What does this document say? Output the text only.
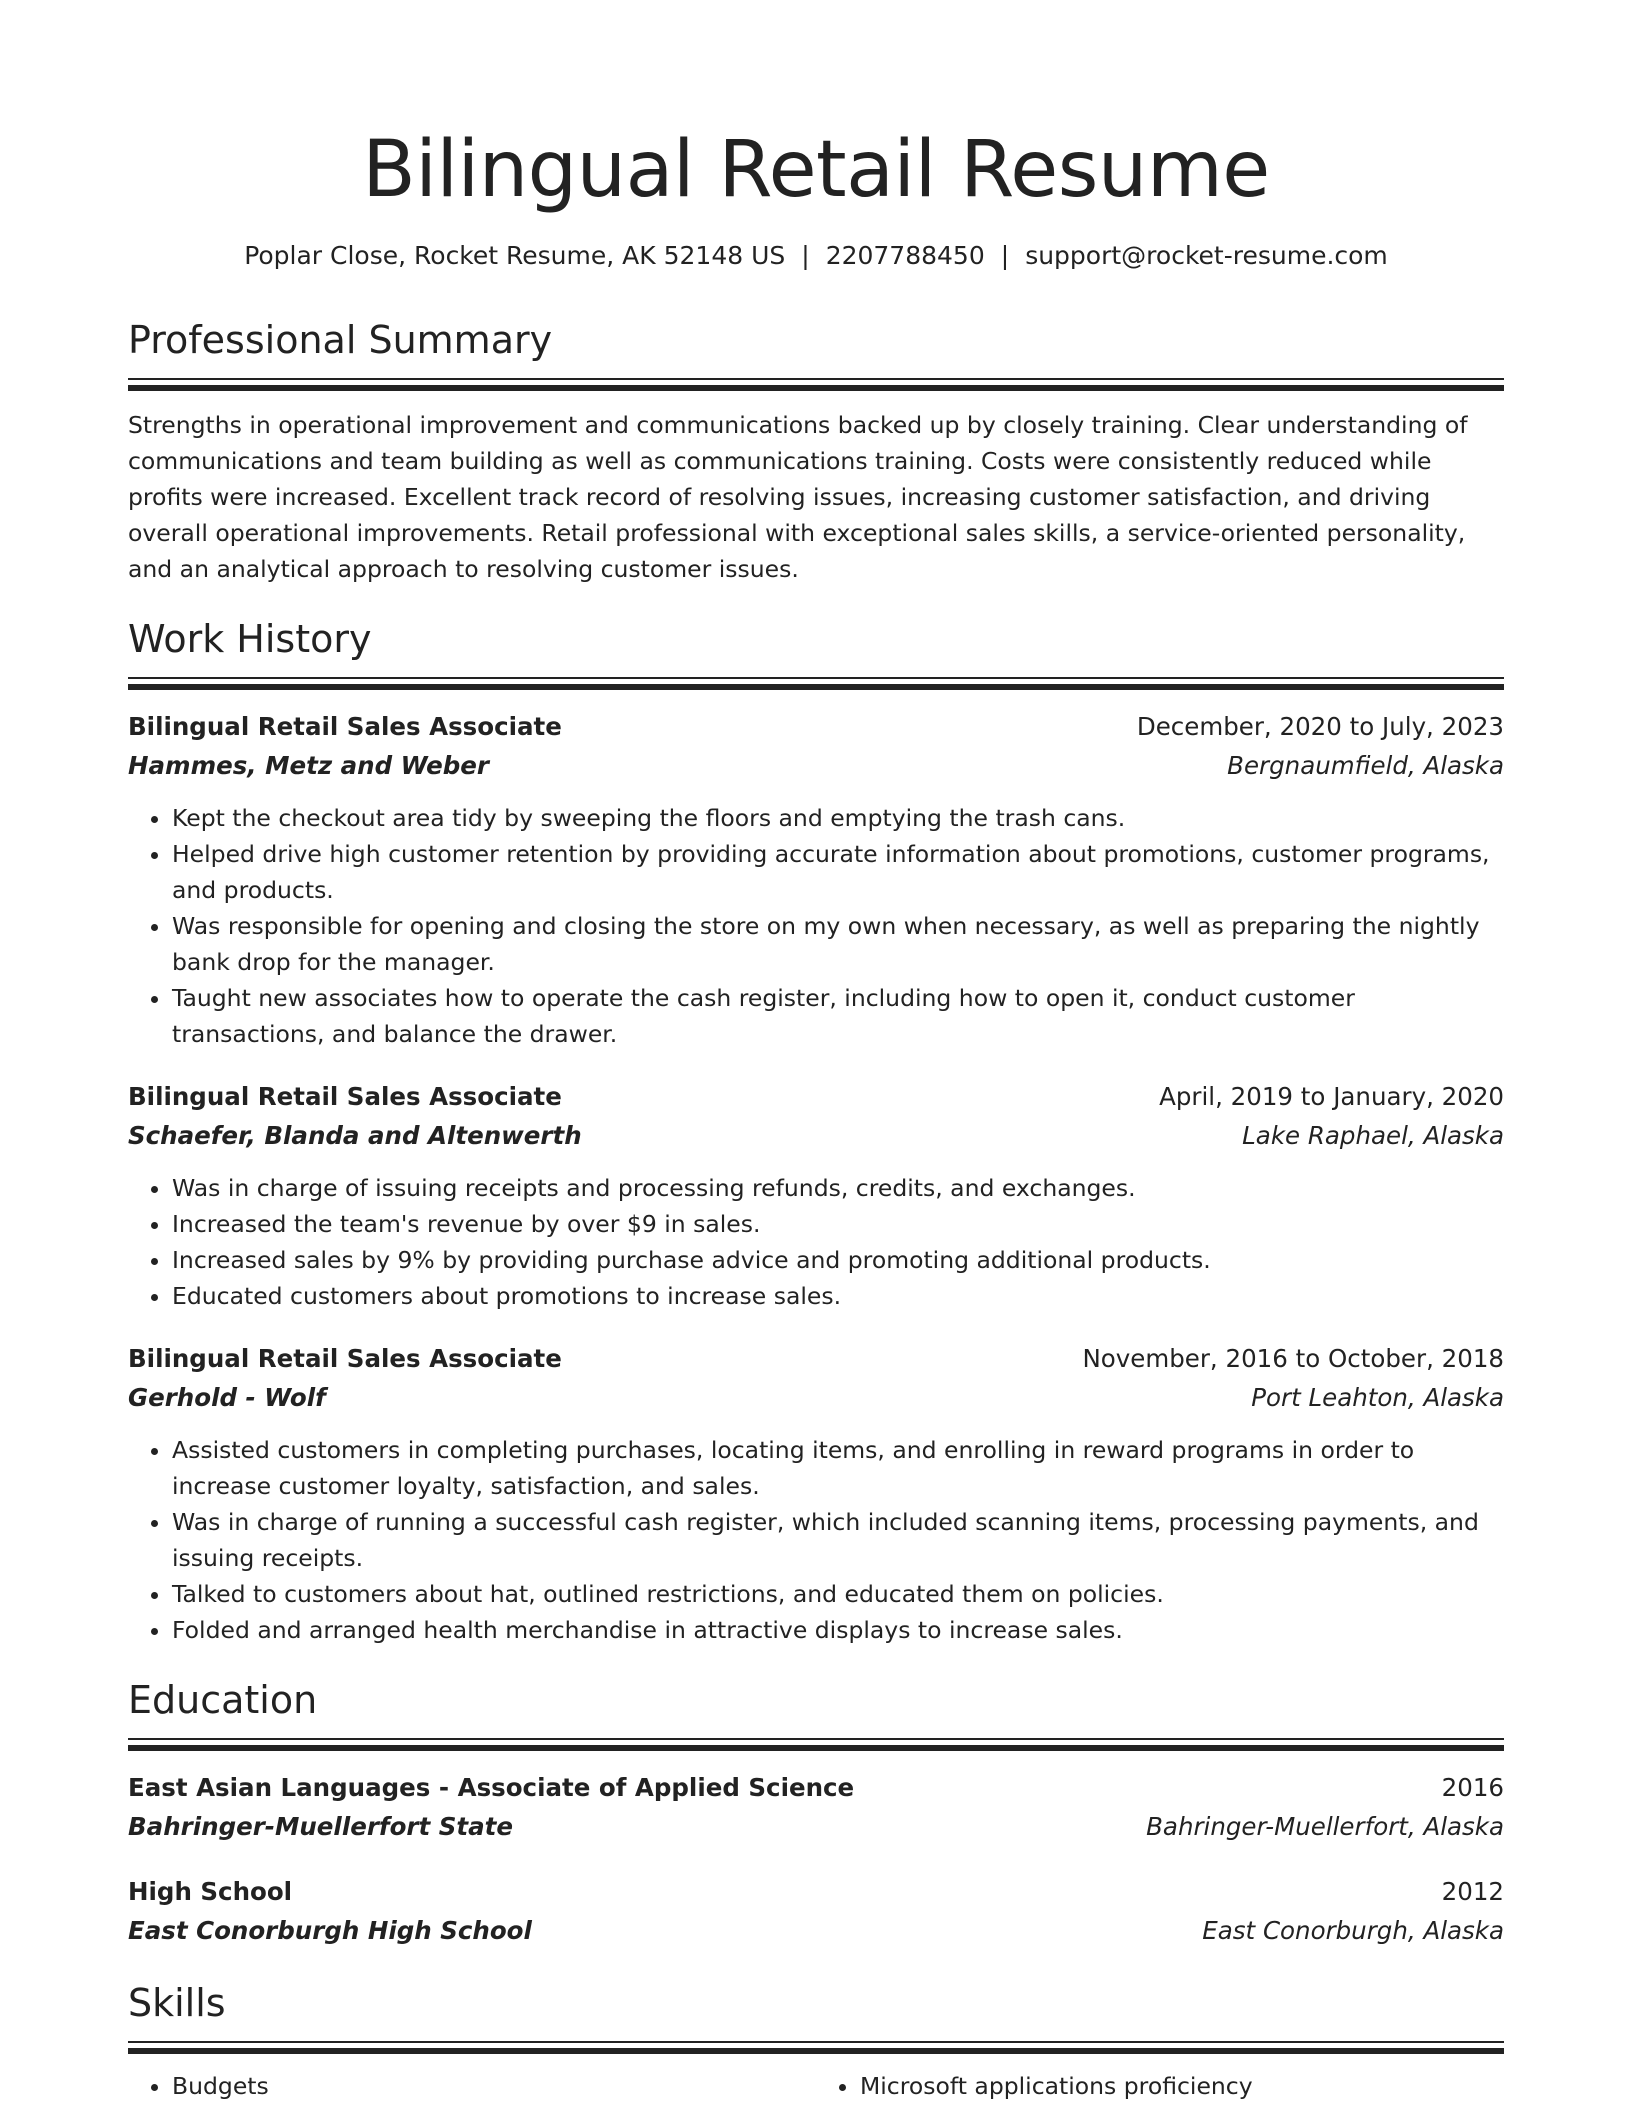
Bilingual Retail Resume
Poplar Close, Rocket Resume, AK 52148 US | 2207788450 | support@rocket-resume.com
Professional Summary
Strengths in operational improvement and communications backed up by closely training. Clear understanding of communications and team building as well as communications training. Costs were consistently reduced while profits were increased. Excellent track record of resolving issues, increasing customer satisfaction, and driving overall operational improvements. Retail professional with exceptional sales skills, a service-oriented personality, and an analytical approach to resolving customer issues.
Work History
Bilingual Retail Sales Associate	December, 2020 to July, 2023
Hammes, Metz and Weber	Bergnaumfield, Alaska
• Kept the checkout area tidy by sweeping the floors and emptying the trash cans.
• Helped drive high customer retention by providing accurate information about promotions, customer programs, and products.
• Was responsible for opening and closing the store on my own when necessary, as well as preparing the nightly bank drop for the manager.
• Taught new associates how to operate the cash register, including how to open it, conduct customer transactions, and balance the drawer.
Bilingual Retail Sales Associate	April, 2019 to January, 2020
Schaefer, Blanda and Altenwerth	Lake Raphael, Alaska
• Was in charge of issuing receipts and processing refunds, credits, and exchanges.
• Increased the team's revenue by over $9 in sales.
• Increased sales by 9% by providing purchase advice and promoting additional products.
• Educated customers about promotions to increase sales.
Bilingual Retail Sales Associate	November, 2016 to October, 2018
Gerhold - Wolf	Port Leahton, Alaska
• Assisted customers in completing purchases, locating items, and enrolling in reward programs in order to increase customer loyalty, satisfaction, and sales.
• Was in charge of running a successful cash register, which included scanning items, processing payments, and issuing receipts.
• Talked to customers about hat, outlined restrictions, and educated them on policies.
• Folded and arranged health merchandise in attractive displays to increase sales.
Education
East Asian Languages - Associate of Applied Science	2016
Bahringer-Muellerfort State	Bahringer-Muellerfort, Alaska
High School	2012
East Conorburgh High School	East Conorburgh, Alaska
Skills
• Budgets
•	Microsoft applications proficiency
